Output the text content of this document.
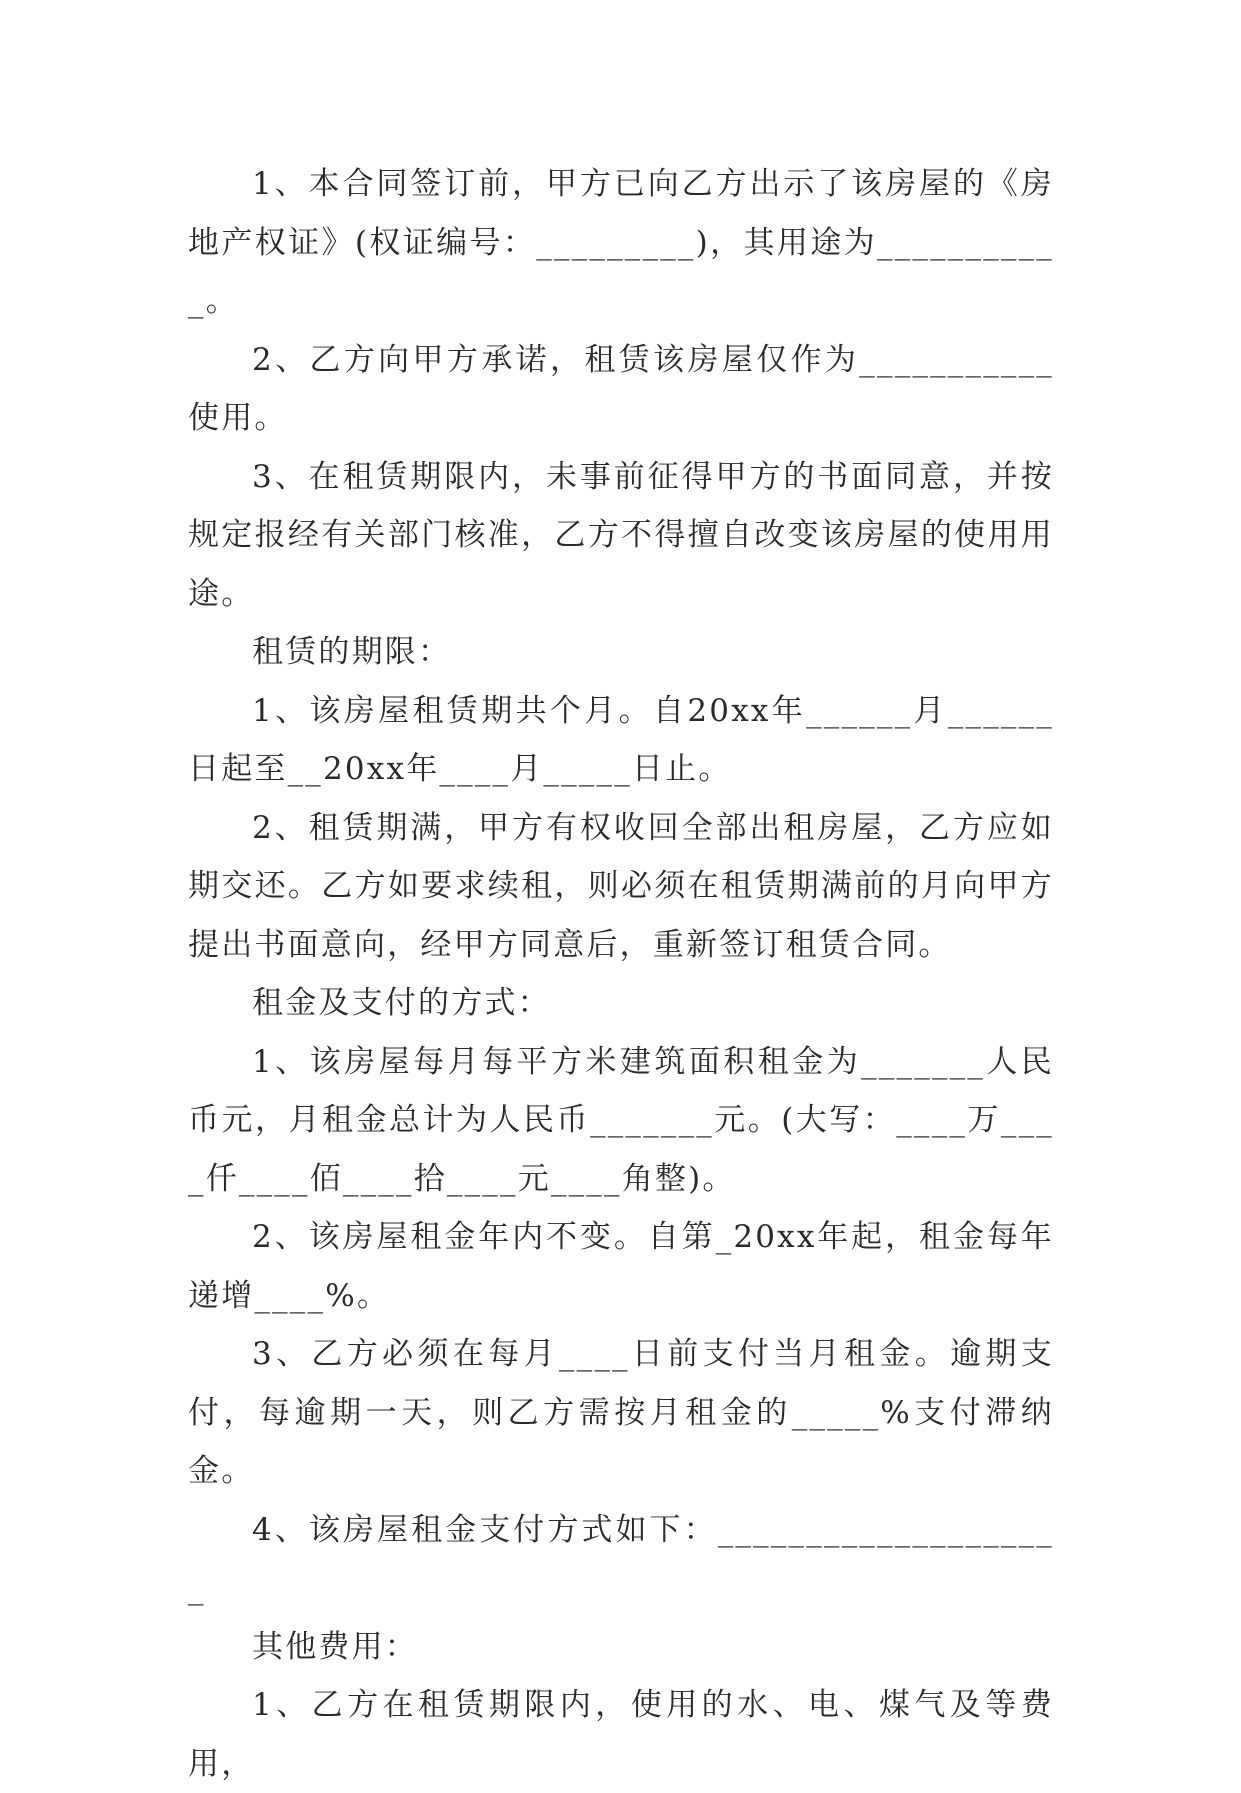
1、本合同签订前，甲方已向乙方出示了该房屋的《房地产权证》(权证编号：_________)，其用途为___________。

2、乙方向甲方承诺，租赁该房屋仅作为___________使用。

3、在租赁期限内，未事前征得甲方的书面同意，并按规定报经有关部门核准，乙方不得擅自改变该房屋的使用用途。

租赁的期限：

1、该房屋租赁期共个月。自20xx年______月______日起至__20xx年____月_____日止。

2、租赁期满，甲方有权收回全部出租房屋，乙方应如期交还。乙方如要求续租，则必须在租赁期满前的月向甲方提出书面意向，经甲方同意后，重新签订租赁合同。

租金及支付的方式：

1、该房屋每月每平方米建筑面积租金为_______人民币元，月租金总计为人民币_______元。(大写：____万____仟____佰____拾____元____角整)。

2、该房屋租金年内不变。自第_20xx年起，租金每年递增____%。

3、乙方必须在每月____日前支付当月租金。逾期支付，每逾期一天，则乙方需按月租金的_____%支付滞纳金。

4、该房屋租金支付方式如下：____________________

其他费用：

1、乙方在租赁期限内，使用的水、电、煤气及等费用，
